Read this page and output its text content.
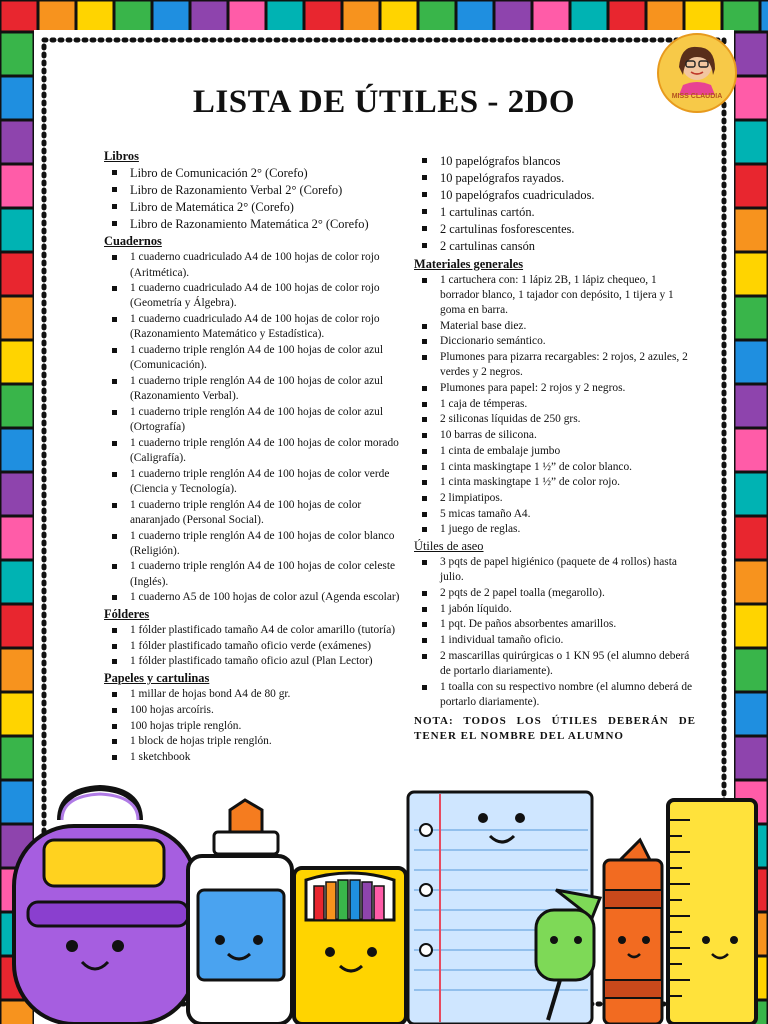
MISS CLAUDIA
LISTA DE ÚTILES - 2DO
Libros
Libro de Comunicación 2° (Corefo)
Libro de Razonamiento Verbal 2° (Corefo)
Libro de Matemática 2° (Corefo)
Libro de Razonamiento Matemática 2° (Corefo)
Cuadernos
1 cuaderno cuadriculado A4 de 100 hojas de color rojo (Aritmética).
1 cuaderno cuadriculado A4 de 100 hojas de color rojo (Geometría y Álgebra).
1 cuaderno cuadriculado A4 de 100 hojas de color rojo (Razonamiento Matemático y Estadística).
1 cuaderno triple renglón A4 de 100 hojas de color azul (Comunicación).
1 cuaderno triple renglón A4 de 100 hojas de color azul (Razonamiento Verbal).
1 cuaderno triple renglón A4 de 100 hojas de color azul (Ortografía)
1 cuaderno triple renglón A4 de 100 hojas de color morado (Caligrafía).
1 cuaderno triple renglón A4 de 100 hojas de color verde (Ciencia y Tecnología).
1 cuaderno triple renglón A4 de 100 hojas de color anaranjado (Personal Social).
1 cuaderno triple renglón A4 de 100 hojas de color blanco (Religión).
1 cuaderno triple renglón A4 de 100 hojas de color celeste (Inglés).
1 cuaderno A5 de 100 hojas de color azul (Agenda escolar)
Fólderes
1 fólder plastificado tamaño A4 de color amarillo (tutoría)
1 fólder plastificado tamaño oficio verde (exámenes)
1 fólder plastificado tamaño oficio azul (Plan Lector)
Papeles y cartulinas
1 millar de hojas bond A4 de 80 gr.
100 hojas arcoíris.
100 hojas triple renglón.
1 block de hojas triple renglón.
1 sketchbook
10 papelógrafos blancos
10 papelógrafos rayados.
10 papelógrafos cuadriculados.
1 cartulinas cartón.
2 cartulinas fosforescentes.
2 cartulinas cansón
Materiales generales
1 cartuchera con: 1 lápiz 2B, 1 lápiz chequeo, 1 borrador blanco, 1 tajador con depósito, 1 tijera y 1 goma en barra.
Material base diez.
Diccionario semántico.
Plumones para pizarra recargables: 2 rojos, 2 azules, 2 verdes y 2 negros.
Plumones para papel: 2 rojos y 2 negros.
1 caja de témperas.
2 siliconas líquidas de 250 grs.
10 barras de silicona.
1 cinta de embalaje jumbo
1 cinta maskingtape 1 ½” de color blanco.
1 cinta maskingtape 1 ½” de color rojo.
2 limpiatipos.
5 micas tamaño A4.
1 juego de reglas.
Útiles de aseo
3 pqts de papel higiénico (paquete de 4 rollos) hasta julio.
2 pqts de 2 papel toalla (megarollo).
1 jabón líquido.
1 pqt. De paños absorbentes amarillos.
1 individual tamaño oficio.
2 mascarillas quirúrgicas o 1 KN 95 (el alumno deberá de portarlo diariamente).
1 toalla con su respectivo nombre (el alumno deberá de portarlo diariamente).
NOTA: TODOS LOS ÚTILES DEBERÁN DE TENER EL NOMBRE DEL ALUMNO
